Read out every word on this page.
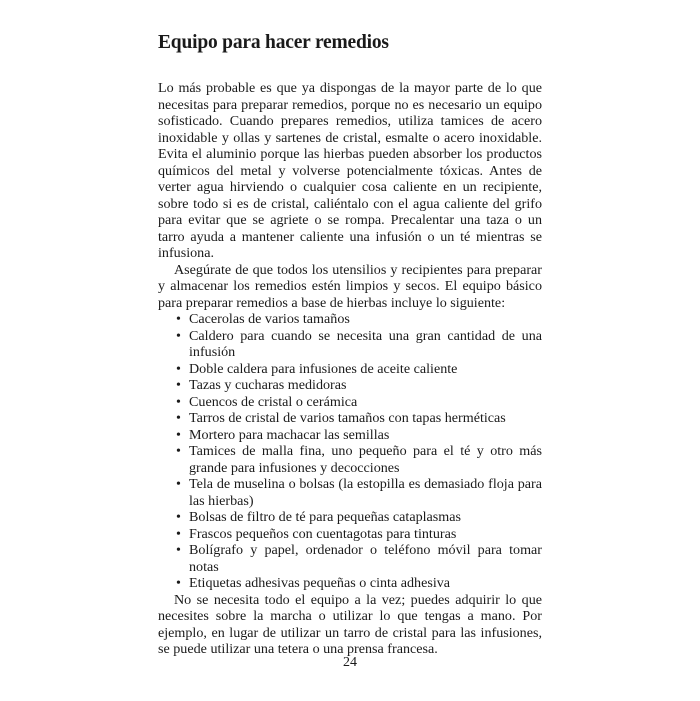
Equipo para hacer remedios

Lo más probable es que ya dispongas de la mayor parte de lo que necesitas para preparar remedios, porque no es necesario un equipo sofisticado. Cuando prepares remedios, utiliza tamices de acero inoxidable y ollas y sartenes de cristal, esmalte o acero inoxidable. Evita el aluminio porque las hierbas pueden absorber los productos químicos del metal y volverse potencialmente tóxicas. Antes de verter agua hirviendo o cualquier cosa caliente en un recipiente, sobre todo si es de cristal, caliéntalo con el agua caliente del grifo para evitar que se agriete o se rompa. Precalentar una taza o un tarro ayuda a mantener caliente una infusión o un té mientras se infusiona.

Asegúrate de que todos los utensilios y recipientes para preparar y almacenar los remedios estén limpios y secos. El equipo básico para preparar remedios a base de hierbas incluye lo siguiente:

• Cacerolas de varios tamaños
• Caldero para cuando se necesita una gran cantidad de una infusión
• Doble caldera para infusiones de aceite caliente
• Tazas y cucharas medidoras
• Cuencos de cristal o cerámica
• Tarros de cristal de varios tamaños con tapas herméticas
• Mortero para machacar las semillas
• Tamices de malla fina, uno pequeño para el té y otro más grande para infusiones y decocciones
• Tela de muselina o bolsas (la estopilla es demasiado floja para las hierbas)
• Bolsas de filtro de té para pequeñas cataplasmas
• Frascos pequeños con cuentagotas para tinturas
• Bolígrafo y papel, ordenador o teléfono móvil para tomar notas
• Etiquetas adhesivas pequeñas o cinta adhesiva

No se necesita todo el equipo a la vez; puedes adquirir lo que necesites sobre la marcha o utilizar lo que tengas a mano. Por ejemplo, en lugar de utilizar un tarro de cristal para las infusiones, se puede utilizar una tetera o una prensa francesa.

24
